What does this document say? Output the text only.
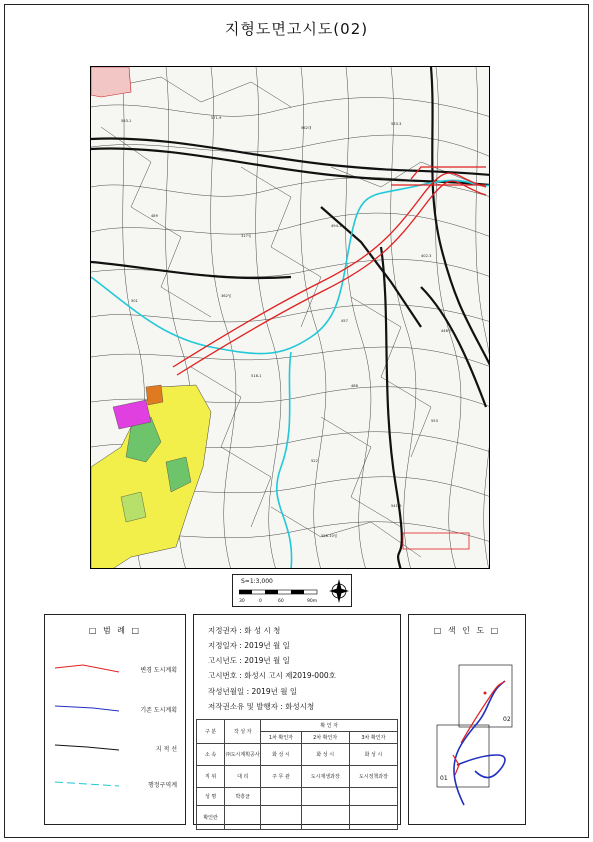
지형도면고시도(02)
583-1
571-9
562대
533-3
489
317임
494-1
402-3
501
362임
457
448전
518-1
488
553
522
541-6
558-10임
S=1:3,000
30	0	60	90m
□ 범 례 □
변경 도시계획
기존 도시계획
지 적 선
행정구역계
지정권자 : 화 성 시 청
지정일자 : 2019년 월 일
고시년도 : 2019년 월 일
고시번호 : 화성시 고시 제2019-000호
작성년월일 : 2019년 월 일
저작권소유 및 발행자 : 화성시청
구 분	작 성 자	확 인 자		
		1차 확인자	2차 확인자	3차 확인자
소 속	㈜도시계획공사	화 성 시	화 성 시	화 성 시
직 위	대 리	주 무 관	도시재생과장	도시정책과장
성 명	박흥균			
확인란				
□ 색 인 도 □
02
01
